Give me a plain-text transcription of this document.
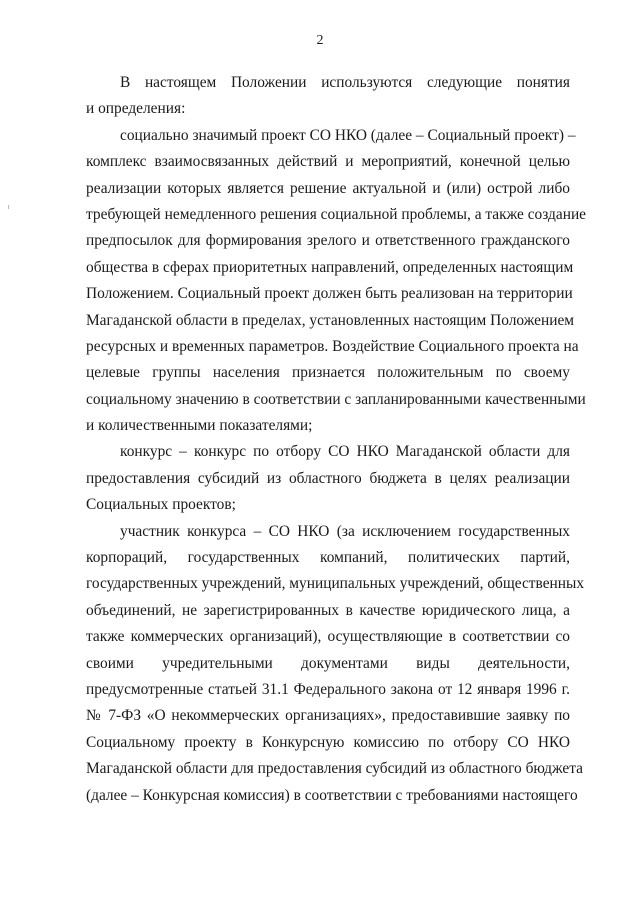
2
В настоящем Положении используются следующие понятия
и определения:
социально значимый проект СО НКО (далее – Социальный проект) –
комплекс взаимосвязанных действий и мероприятий, конечной целью
реализации которых является решение актуальной и (или) острой либо
требующей немедленного решения социальной проблемы, а также создание
предпосылок для формирования зрелого и ответственного гражданского
общества в сферах приоритетных направлений, определенных настоящим
Положением. Социальный проект должен быть реализован на территории
Магаданской области в пределах, установленных настоящим Положением
ресурсных и временных параметров. Воздействие Социального проекта на
целевые группы населения признается положительным по своему
социальному значению в соответствии с запланированными качественными
и количественными показателями;
конкурс – конкурс по отбору СО НКО Магаданской области для
предоставления субсидий из областного бюджета в целях реализации
Социальных проектов;
участник конкурса – СО НКО (за исключением государственных
корпораций, государственных компаний, политических партий,
государственных учреждений, муниципальных учреждений, общественных
объединений, не зарегистрированных в качестве юридического лица, а
также коммерческих организаций), осуществляющие в соответствии со
своими учредительными документами виды деятельности,
предусмотренные статьей 31.1 Федерального закона от 12 января 1996 г.
№ 7-ФЗ «О некоммерческих организациях», предоставившие заявку по
Социальному проекту в Конкурсную комиссию по отбору СО НКО
Магаданской области для предоставления субсидий из областного бюджета
(далее – Конкурсная комиссия) в соответствии с требованиями настоящего
